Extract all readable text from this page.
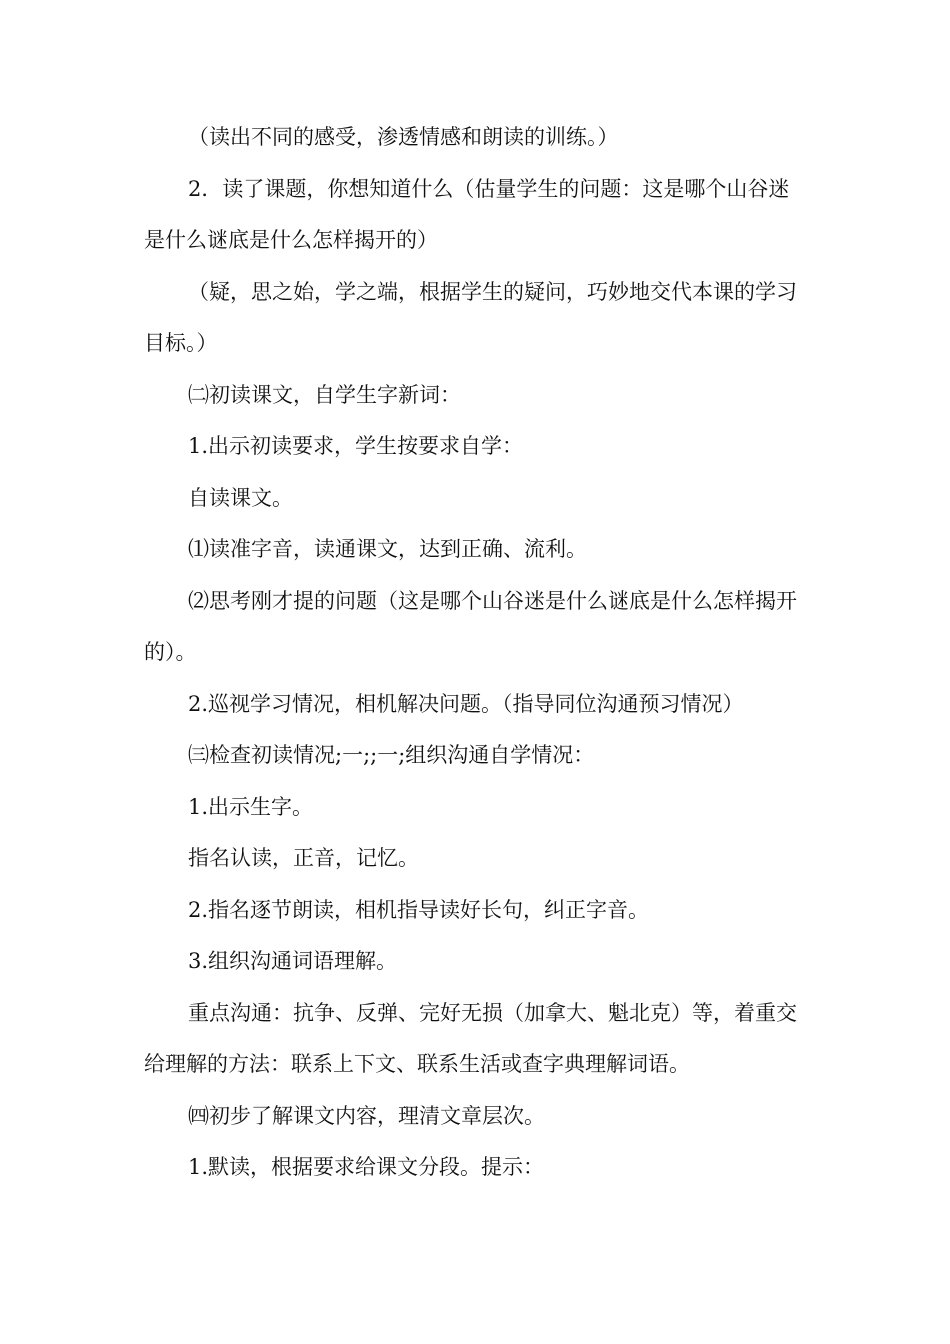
（读出不同的感受，渗透情感和朗读的训练。）

2．读了课题，你想知道什么（估量学生的问题：这是哪个山谷迷是什么谜底是什么怎样揭开的）

（疑，思之始，学之端，根据学生的疑问，巧妙地交代本课的学习目标。）

㈡初读课文，自学生字新词：

1.出示初读要求，学生按要求自学：

自读课文。

⑴读准字音，读通课文，达到正确、流利。

⑵思考刚才提的问题（这是哪个山谷迷是什么谜底是什么怎样揭开的）。

2.巡视学习情况，相机解决问题。（指导同位沟通预习情况）

㈢检查初读情况;一;;一;组织沟通自学情况：

1.出示生字。

指名认读，正音，记忆。

2.指名逐节朗读，相机指导读好长句，纠正字音。

3.组织沟通词语理解。

重点沟通：抗争、反弹、完好无损（加拿大、魁北克）等，着重交给理解的方法：联系上下文、联系生活或查字典理解词语。

㈣初步了解课文内容，理清文章层次。

1.默读，根据要求给课文分段。提示：
